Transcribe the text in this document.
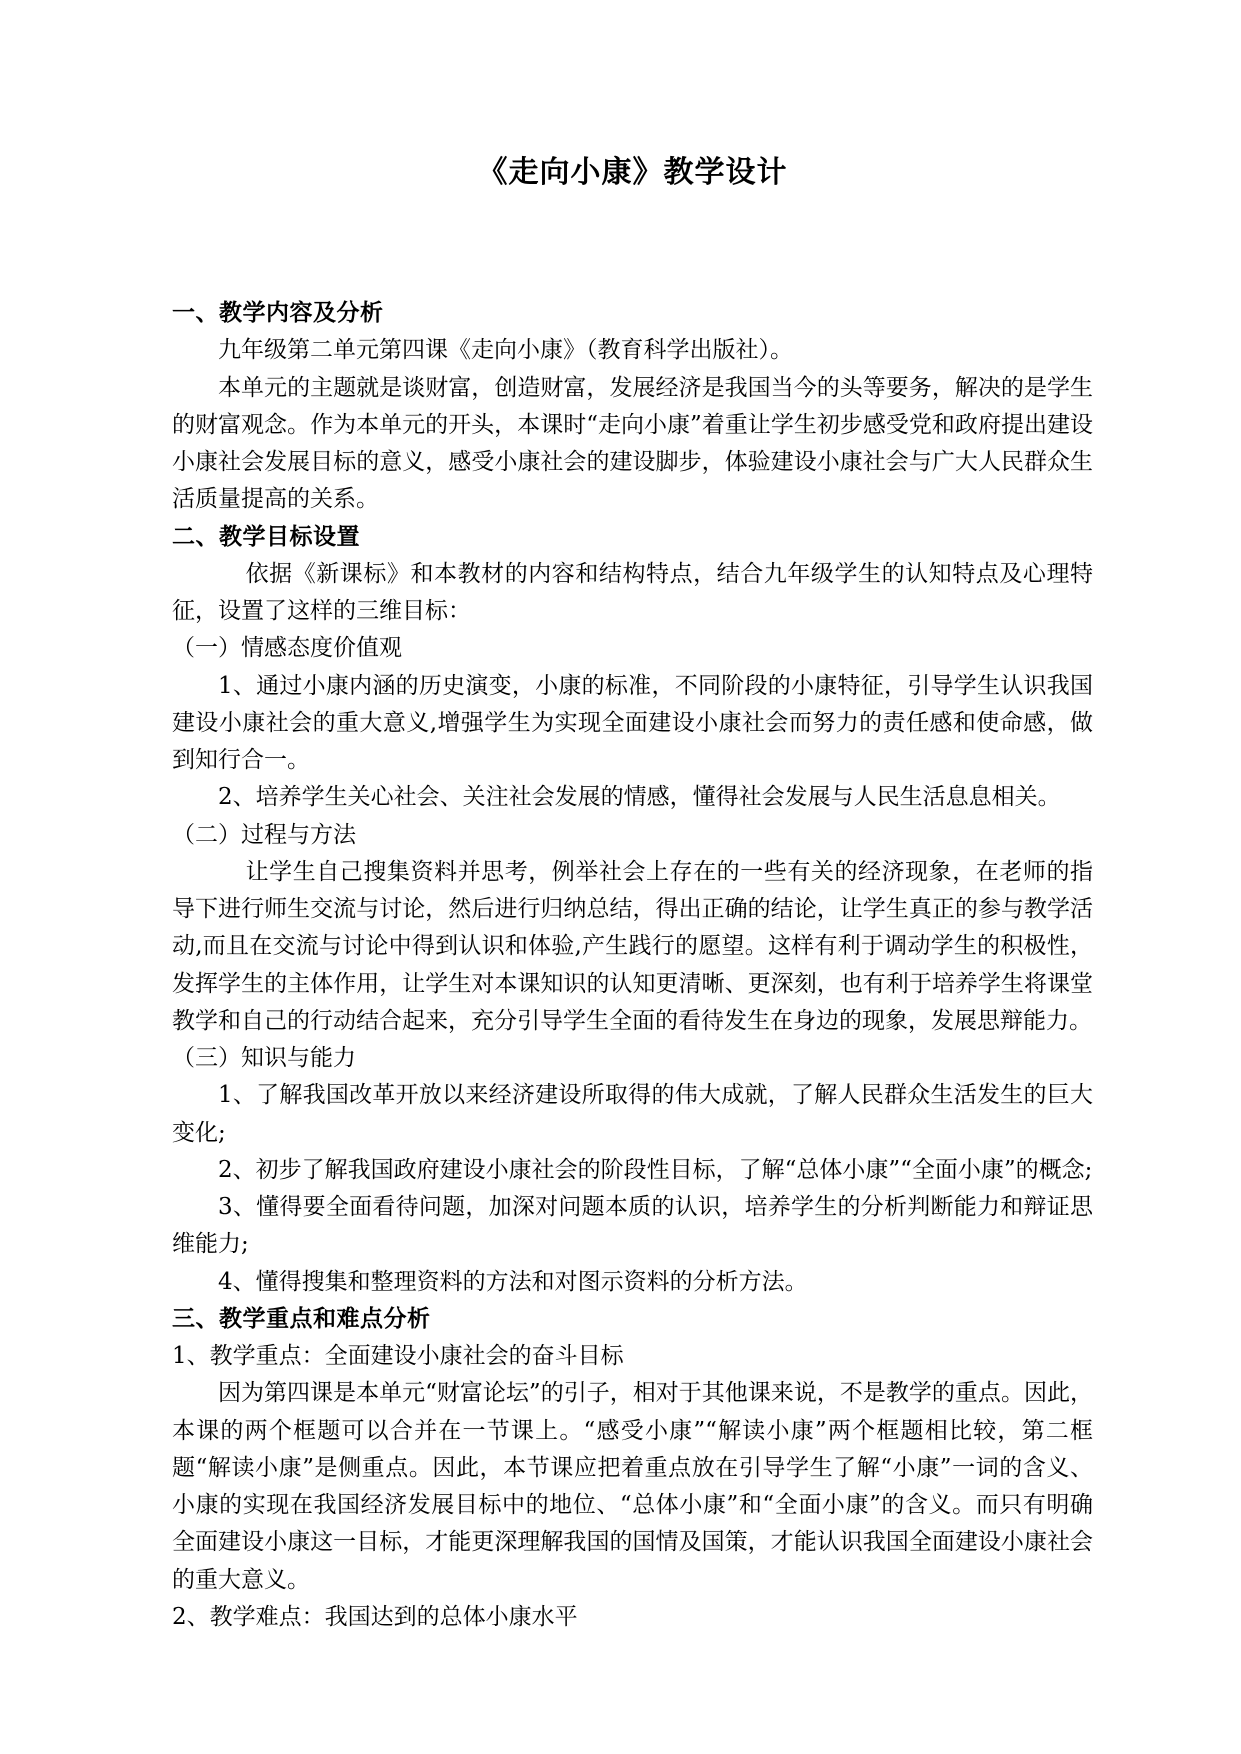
《走向小康》教学设计
一、教学内容及分析

九年级第二单元第四课《走向小康》（教育科学出版社）。

本单元的主题就是谈财富，创造财富，发展经济是我国当今的头等要务，解决的是学生的财富观念。作为本单元的开头，本课时“走向小康”着重让学生初步感受党和政府提出建设小康社会发展目标的意义，感受小康社会的建设脚步，体验建设小康社会与广大人民群众生活质量提高的关系。

二、教学目标设置

依据《新课标》和本教材的内容和结构特点，结合九年级学生的认知特点及心理特征，设置了这样的三维目标：

（一）情感态度价值观

1、通过小康内涵的历史演变，小康的标准，不同阶段的小康特征，引导学生认识我国建设小康社会的重大意义,增强学生为实现全面建设小康社会而努力的责任感和使命感，做到知行合一。

2、培养学生关心社会、关注社会发展的情感，懂得社会发展与人民生活息息相关。

（二）过程与方法

让学生自己搜集资料并思考，例举社会上存在的一些有关的经济现象，在老师的指导下进行师生交流与讨论，然后进行归纳总结，得出正确的结论，让学生真正的参与教学活动,而且在交流与讨论中得到认识和体验,产生践行的愿望。这样有利于调动学生的积极性，发挥学生的主体作用，让学生对本课知识的认知更清晰、更深刻，也有利于培养学生将课堂教学和自己的行动结合起来，充分引导学生全面的看待发生在身边的现象，发展思辩能力。

（三）知识与能力

1、了解我国改革开放以来经济建设所取得的伟大成就，了解人民群众生活发生的巨大变化;

2、初步了解我国政府建设小康社会的阶段性目标，了解“总体小康”“全面小康”的概念;

3、懂得要全面看待问题，加深对问题本质的认识，培养学生的分析判断能力和辩证思维能力;

4、懂得搜集和整理资料的方法和对图示资料的分析方法。

三、教学重点和难点分析

1、教学重点：全面建设小康社会的奋斗目标

因为第四课是本单元“财富论坛”的引子，相对于其他课来说，不是教学的重点。因此，本课的两个框题可以合并在一节课上。“感受小康”“解读小康”两个框题相比较，第二框题“解读小康”是侧重点。因此，本节课应把着重点放在引导学生了解“小康”一词的含义、小康的实现在我国经济发展目标中的地位、“总体小康”和“全面小康”的含义。而只有明确全面建设小康这一目标，才能更深理解我国的国情及国策，才能认识我国全面建设小康社会的重大意义。

2、教学难点：我国达到的总体小康水平
